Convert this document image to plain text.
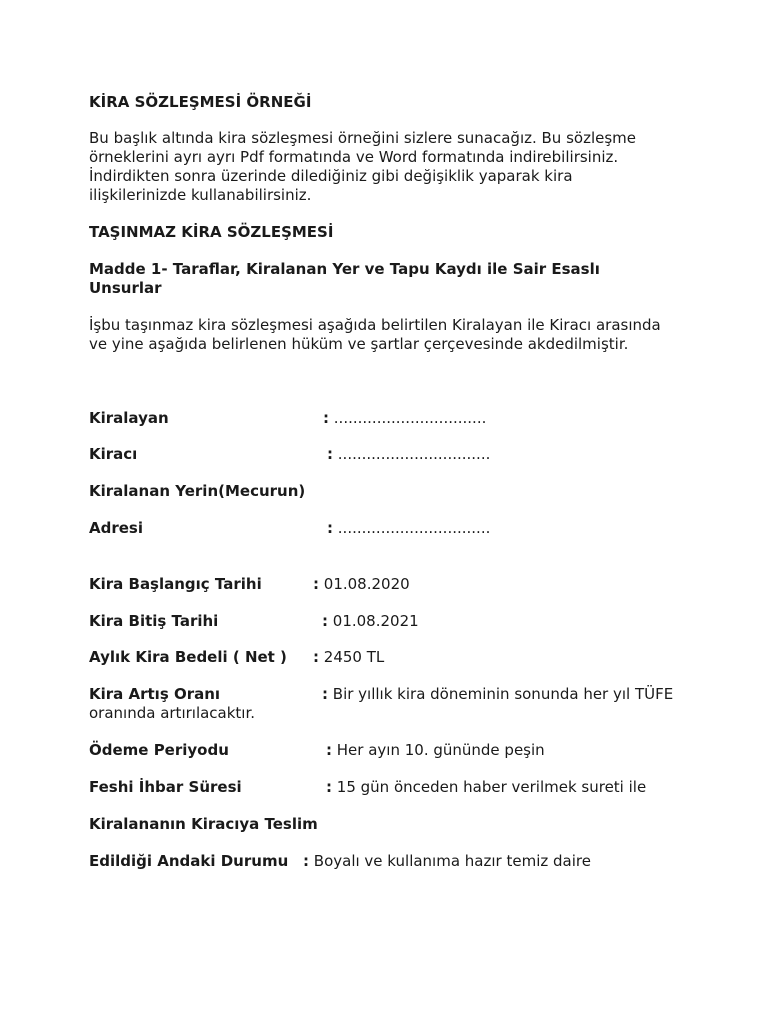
KİRA SÖZLEŞMESİ ÖRNEĞİ
Bu başlık altında kira sözleşmesi örneğini sizlere sunacağız. Bu sözleşme
örneklerini ayrı ayrı Pdf formatında ve Word formatında indirebilirsiniz.
İndirdikten sonra üzerinde dilediğiniz gibi değişiklik yaparak kira
ilişkilerinizde kullanabilirsiniz.
TAŞINMAZ KİRA SÖZLEŞMESİ
Madde 1- Taraflar, Kiralanan Yer ve Tapu Kaydı ile Sair Esaslı
Unsurlar
İşbu taşınmaz kira sözleşmesi aşağıda belirtilen Kiralayan ile Kiracı arasında
ve yine aşağıda belirlenen hüküm ve şartlar çerçevesinde akdedilmiştir.
Kiralayan	: ................................
Kiracı	: ................................
Kiralanan Yerin(Mecurun)
Adresi	: ................................
Kira Başlangıç Tarihi	: 01.08.2020
Kira Bitiş Tarihi	: 01.08.2021
Aylık Kira Bedeli ( Net ) : 2450 TL
Kira Artış Oranı	: Bir yıllık kira döneminin sonunda her yıl TÜFE
oranında artırılacaktır.
Ödeme Periyodu	: Her ayın 10. gününde peşin
Feshi İhbar Süresi	: 15 gün önceden haber verilmek sureti ile
Kiralananın Kiracıya Teslim
Edildiği Andaki Durumu : Boyalı ve kullanıma hazır temiz daire
